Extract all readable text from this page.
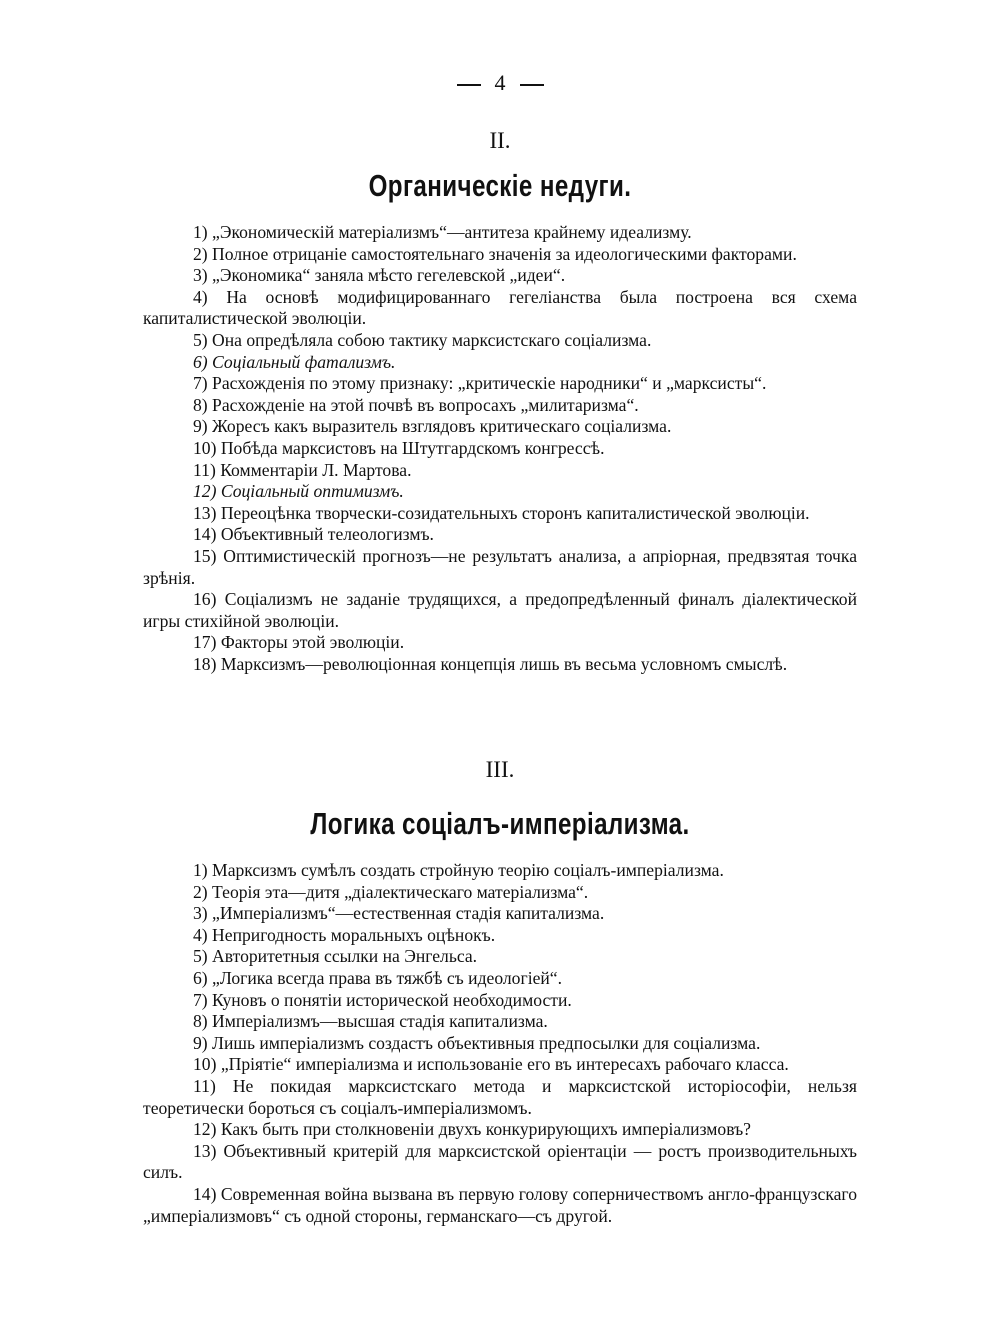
4
II.
Органическіе недуги.
1) „Экономическій матеріализмъ“—антитеза крайнему идеализму.
2) Полное отрицаніе самостоятельнаго значенія за идеологическими факторами.
3) „Экономика“ заняла мѣсто гегелевской „идеи“.
4) На основѣ модифицированнаго гегеліанства была построена вся схема капиталистической эволюціи.
5) Она опредѣляла собою тактику марксистскаго соціализма.
6) Соціальный фатализмъ.
7) Расхожденія по этому признаку: „критическіе народники“ и „марксисты“.
8) Расхожденіе на этой почвѣ въ вопросахъ „милитаризма“.
9) Жоресъ какъ выразитель взглядовъ критическаго соціализма.
10) Побѣда марксистовъ на Штутгардскомъ конгрессѣ.
11) Комментаріи Л. Мартова.
12) Соціальный оптимизмъ.
13) Переоцѣнка творчески-созидательныхъ сторонъ капиталистической эволюціи.
14) Объективный телеологизмъ.
15) Оптимистическій прогнозъ—не результатъ анализа, а апріорная, предвзятая точка зрѣнія.
16) Соціализмъ не заданіе трудящихся, а предопредѣленный финалъ діалектической игры стихійной эволюціи.
17) Факторы этой эволюціи.
18) Марксизмъ—революціонная концепція лишь въ весьма условномъ смыслѣ.
III.
Логика соціалъ-имперіализма.
1) Марксизмъ сумѣлъ создать стройную теорію соціалъ-имперіализма.
2) Теорія эта—дитя „діалектическаго матеріализма“.
3) „Имперіализмъ“—естественная стадія капитализма.
4) Непригодность моральныхъ оцѣнокъ.
5) Авторитетныя ссылки на Энгельса.
6) „Логика всегда права въ тяжбѣ съ идеологіей“.
7) Куновъ о понятіи исторической необходимости.
8) Имперіализмъ—высшая стадія капитализма.
9) Лишь имперіализмъ создастъ объективныя предпосылки для соціализма.
10) „Пріятіе“ имперіализма и использованіе его въ интересахъ рабочаго класса.
11) Не покидая марксистскаго метода и марксистской исторіософіи, нельзя теоретически бороться съ соціалъ-имперіализмомъ.
12) Какъ быть при столкновеніи двухъ конкурирующихъ имперіализмовъ?
13) Объективный критерій для марксистской оріентаціи — ростъ производительныхъ силъ.
14) Современная война вызвана въ первую голову соперничествомъ англо-французскаго „имперіализмовъ“ съ одной стороны, германскаго—съ другой.
